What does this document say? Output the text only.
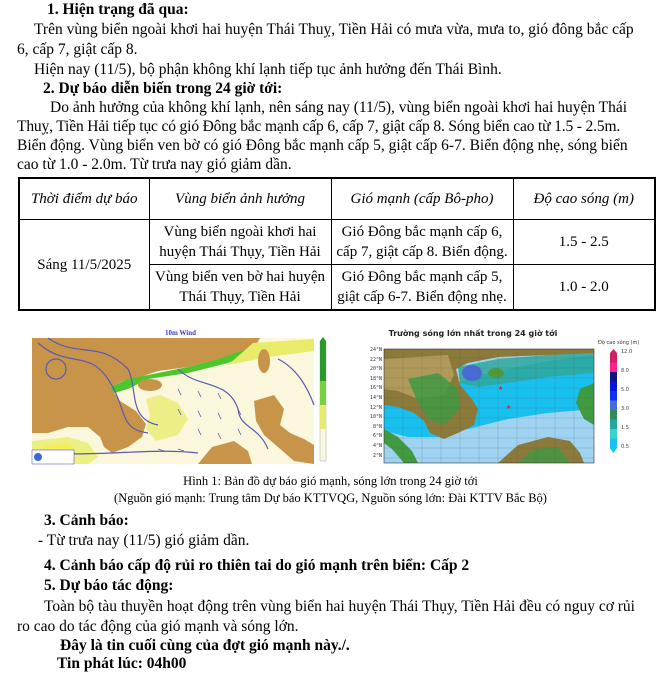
1. Hiện trạng đã qua:
Trên vùng biển ngoài khơi hai huyện Thái Thuỵ, Tiền Hải có mưa vừa, mưa to, gió đông bắc cấp
6, cấp 7, giật cấp 8.
Hiện nay (11/5), bộ phận không khí lạnh tiếp tục ảnh hưởng đến Thái Bình.
2. Dự báo diễn biến trong 24 giờ tới:
Do ảnh hưởng của không khí lạnh, nên sáng nay (11/5), vùng biển ngoài khơi hai huyện Thái
Thuỵ, Tiền Hải tiếp tục có gió Đông bắc mạnh cấp 6, cấp 7, giật cấp 8. Sóng biển cao từ 1.5 - 2.5m.
Biển động. Vùng biển ven bờ có gió Đông bắc mạnh cấp 5, giật cấp 6-7. Biển động nhẹ, sóng biển
cao từ 1.0 - 2.0m. Từ trưa nay gió giảm dần.
Thời điểm dự báo	Vùng biển ảnh hưởng	Gió mạnh (cấp Bô-pho)	Độ cao sóng (m)
Sáng 11/5/2025	Vùng biển ngoài khơi hai huyện Thái Thụy, Tiền Hải	Gió Đông bắc mạnh cấp 6, cấp 7, giật cấp 8. Biển động.	1.5 - 2.5
	Vùng biển ven bờ hai huyện Thái Thụy, Tiền Hải	Gió Đông bắc mạnh cấp 5, giật cấp 6-7. Biển động nhẹ.	1.0 - 2.0
10m Wind
★
★
Trường sóng lớn nhất trong 24 giờ tới
Độ cao sóng (m)
24°N
22°N
20°N
18°N
16°N
14°N
12°N
10°N
8°N
6°N
4°N
2°N
12.0
8.0
5.0
3.0
1.5
0.5
Hình 1: Bản đồ dự báo gió mạnh, sóng lớn trong 24 giờ tới
(Nguồn gió mạnh: Trung tâm Dự báo KTTVQG, Nguồn sóng lớn: Đài KTTV Bắc Bộ)
3. Cảnh báo:
- Từ trưa nay (11/5) gió giảm dần.
4. Cảnh báo cấp độ rủi ro thiên tai do gió mạnh trên biển: Cấp 2
5. Dự báo tác động:
Toàn bộ tàu thuyền hoạt động trên vùng biển hai huyện Thái Thụy, Tiền Hải đều có nguy cơ rủi
ro cao do tác động của gió mạnh và sóng lớn.
Đây là tin cuối cùng của đợt gió mạnh này./.
Tin phát lúc: 04h00
